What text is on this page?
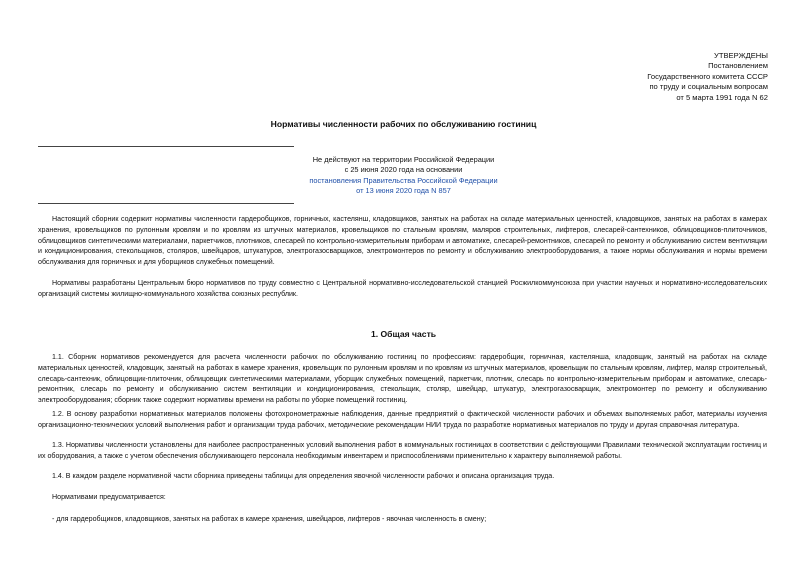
УТВЕРЖДЕНЫ
Постановлением
Государственного комитета СССР
по труду и социальным вопросам
от 5 марта 1991 года N 62
Нормативы численности рабочих по обслуживанию гостиниц
Не действуют на территории Российской Федерации
с 25 июня 2020 года на основании
постановления Правительства Российской Федерации
от 13 июня 2020 года N 857
Настоящий сборник содержит нормативы численности гардеробщиков, горничных, кастелянш, кладовщиков, занятых на работах на складе материальных ценностей, кладовщиков, занятых на работах в камерах хранения, кровельщиков по рулонным кровлям и по кровлям из штучных материалов, кровельщиков по стальным кровлям, маляров строительных, лифтеров, слесарей-сантехников, облицовщиков-плиточников, облицовщиков синтетическими материалами, паркетчиков, плотников, слесарей по контрольно-измерительным приборам и автоматике, слесарей-ремонтников, слесарей по ремонту и обслуживанию систем вентиляции и кондиционирования, стекольщиков, столяров, швейцаров, штукатуров, электрогазосварщиков, электромонтеров по ремонту и обслуживанию электрооборудования, а также нормы обслуживания и нормы времени обслуживания для горничных и для уборщиков служебных помещений.
Нормативы разработаны Центральным бюро нормативов по труду совместно с Центральной нормативно-исследовательской станцией Росжилкоммунсоюза при участии научных и нормативно-исследовательских организаций системы жилищно-коммунального хозяйства союзных республик.
1. Общая часть
1.1. Сборник нормативов рекомендуется для расчета численности рабочих по обслуживанию гостиниц по профессиям: гардеробщик, горничная, кастелянша, кладовщик, занятый на работах на складе материальных ценностей, кладовщик, занятый на работах в камере хранения, кровельщик по рулонным кровлям и по кровлям из штучных материалов, кровельщик по стальным кровлям, лифтер, маляр строительный, слесарь-сантехник, облицовщик-плиточник, облицовщик синтетическими материалами, уборщик служебных помещений, паркетчик, плотник, слесарь по контрольно-измерительным приборам и автоматике, слесарь-ремонтник, слесарь по ремонту и обслуживанию систем вентиляции и кондиционирования, стекольщик, столяр, швейцар, штукатур, электрогазосварщик, электромонтер по ремонту и обслуживанию электрооборудования; сборник также содержит нормативы времени на работы по уборке помещений гостиниц.
1.2. В основу разработки нормативных материалов положены фотохронометражные наблюдения, данные предприятий о фактической численности рабочих и объемах выполняемых работ, материалы изучения организационно-технических условий выполнения работ и организации труда рабочих, методические рекомендации НИИ труда по разработке нормативных материалов по труду и другая справочная литература.
1.3. Нормативы численности установлены для наиболее распространенных условий выполнения работ в коммунальных гостиницах в соответствии с действующими Правилами технической эксплуатации гостиниц и их оборудования, а также с учетом обеспечения обслуживающего персонала необходимым инвентарем и приспособлениями применительно к характеру выполняемой работы.
1.4. В каждом разделе нормативной части сборника приведены таблицы для определения явочной численности рабочих и описана организация труда.
Нормативами предусматривается:
- для гардеробщиков, кладовщиков, занятых на работах в камере хранения, швейцаров, лифтеров - явочная численность в смену;
